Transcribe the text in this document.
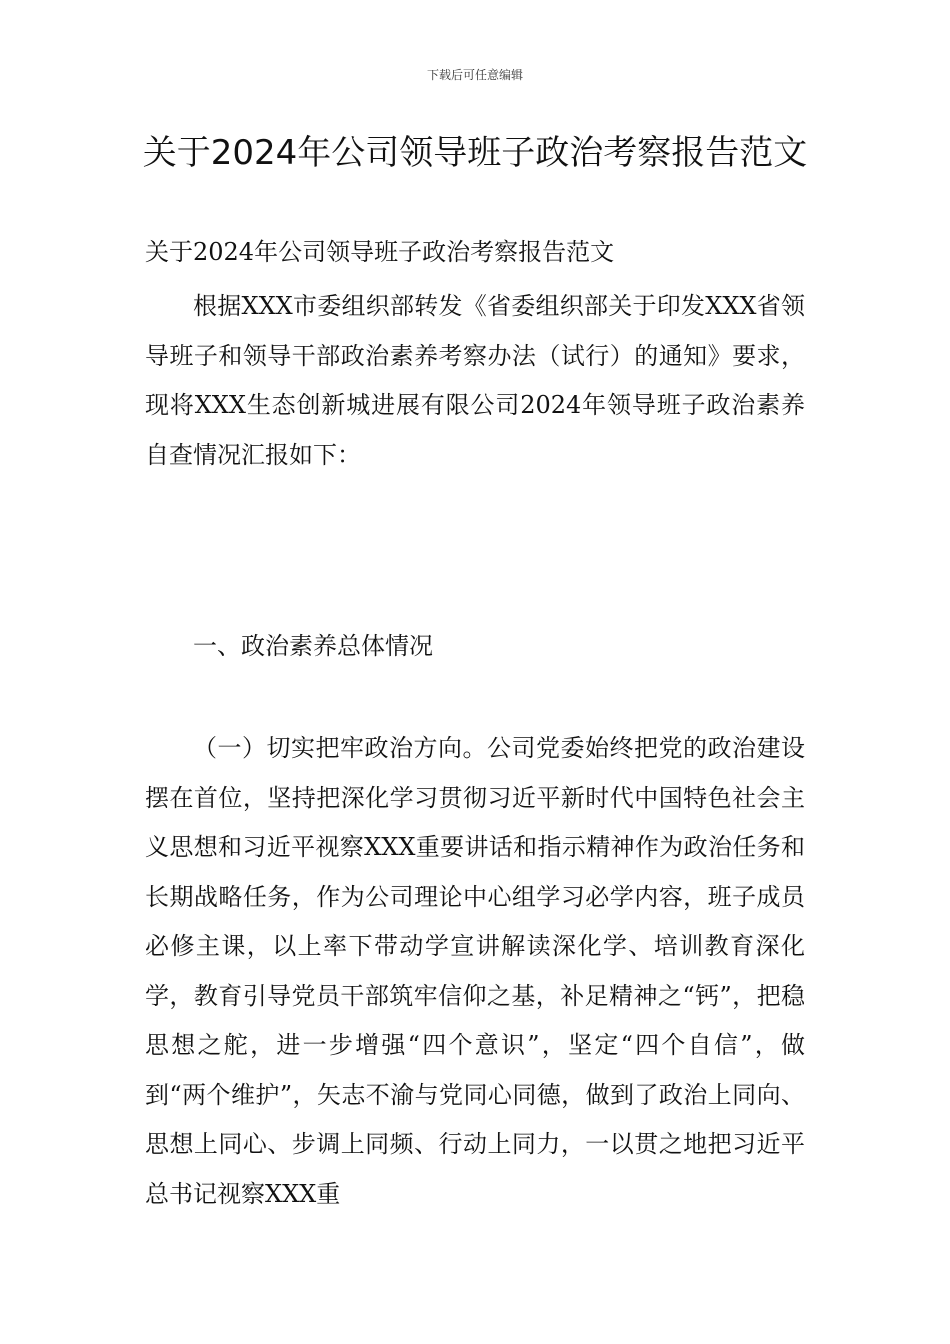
下载后可任意编辑
关于2024年公司领导班子政治考察报告范文

关于2024年公司领导班子政治考察报告范文

根据XXX市委组织部转发《省委组织部关于印发XXX省领导班子和领导干部政治素养考察办法（试行）的通知》要求，现将XXX生态创新城进展有限公司2024年领导班子政治素养自查情况汇报如下：

一、政治素养总体情况

（一）切实把牢政治方向。公司党委始终把党的政治建设摆在首位，坚持把深化学习贯彻习近平新时代中国特色社会主义思想和习近平视察XXX重要讲话和指示精神作为政治任务和长期战略任务，作为公司理论中心组学习必学内容，班子成员必修主课，以上率下带动学宣讲解读深化学、培训教育深化学，教育引导党员干部筑牢信仰之基，补足精神之“钙”，把稳思想之舵，进一步增强“四个意识”，坚定“四个自信”，做到“两个维护”，矢志不渝与党同心同德，做到了政治上同向、思想上同心、步调上同频、行动上同力，一以贯之地把习近平总书记视察XXX重
